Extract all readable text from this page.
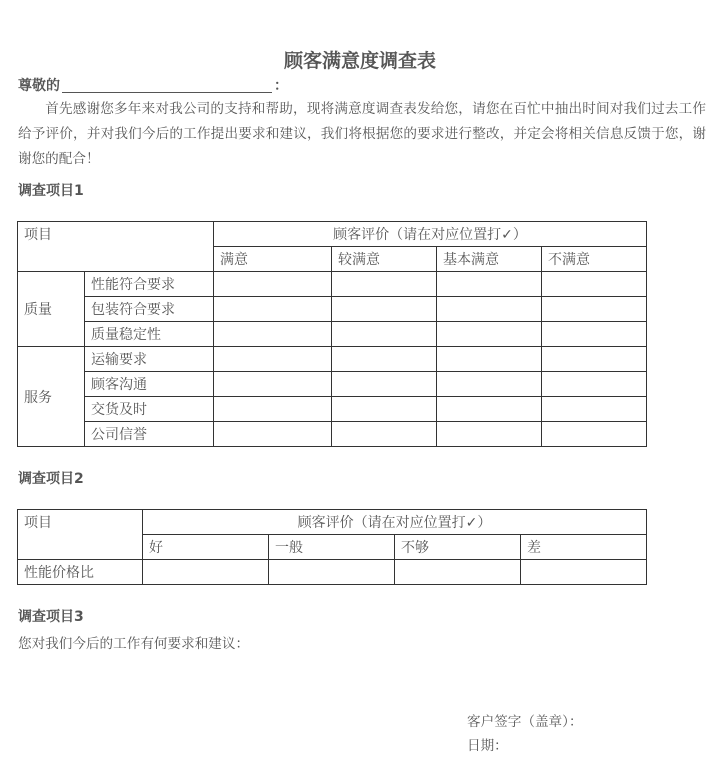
顾客满意度调查表
尊敬的	：

首先感谢您多年来对我公司的支持和帮助，现将满意度调查表发给您，请您在百忙中抽出时间对我们过去工作给予评价，并对我们今后的工作提出要求和建议，我们将根据您的要求进行整改，并定会将相关信息反馈于您，谢谢您的配合！

调查项目1
项目		顾客评价（请在对应位置打✓）			
		满意	较满意	基本满意	不满意
质量	性能符合要求				
	包装符合要求				
	质量稳定性				
服务	运输要求				
	顾客沟通				
	交货及时				
	公司信誉				
调查项目2
项目	顾客评价（请在对应位置打✓）			
	好	一般	不够	差
性能价格比				
调查项目3

您对我们今后的工作有何要求和建议：

客户签字（盖章）：

日期：
